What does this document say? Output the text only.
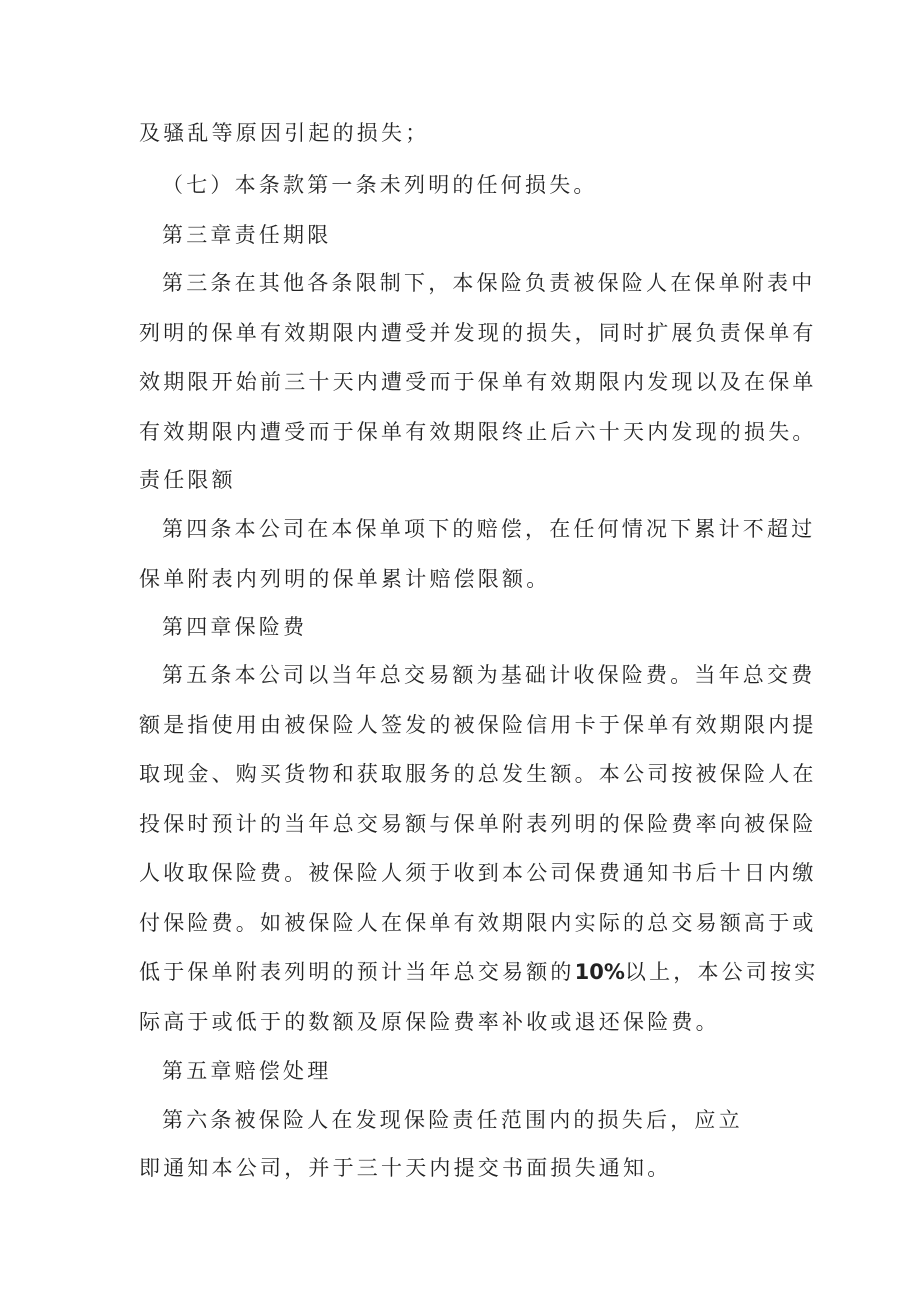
及骚乱等原因引起的损失；
（七）本条款第一条未列明的任何损失。
第三章责任期限
第三条在其他各条限制下，本保险负责被保险人在保单附表中
列明的保单有效期限内遭受并发现的损失，同时扩展负责保单有
效期限开始前三十天内遭受而于保单有效期限内发现以及在保单
有效期限内遭受而于保单有效期限终止后六十天内发现的损失。
责任限额
第四条本公司在本保单项下的赔偿，在任何情况下累计不超过
保单附表内列明的保单累计赔偿限额。
第四章保险费
第五条本公司以当年总交易额为基础计收保险费。当年总交费
额是指使用由被保险人签发的被保险信用卡于保单有效期限内提
取现金、购买货物和获取服务的总发生额。本公司按被保险人在
投保时预计的当年总交易额与保单附表列明的保险费率向被保险
人收取保险费。被保险人须于收到本公司保费通知书后十日内缴
付保险费。如被保险人在保单有效期限内实际的总交易额高于或
低于保单附表列明的预计当年总交易额的10%以上，本公司按实
际高于或低于的数额及原保险费率补收或退还保险费。
第五章赔偿处理
第六条被保险人在发现保险责任范围内的损失后，应立
即通知本公司，并于三十天内提交书面损失通知。
